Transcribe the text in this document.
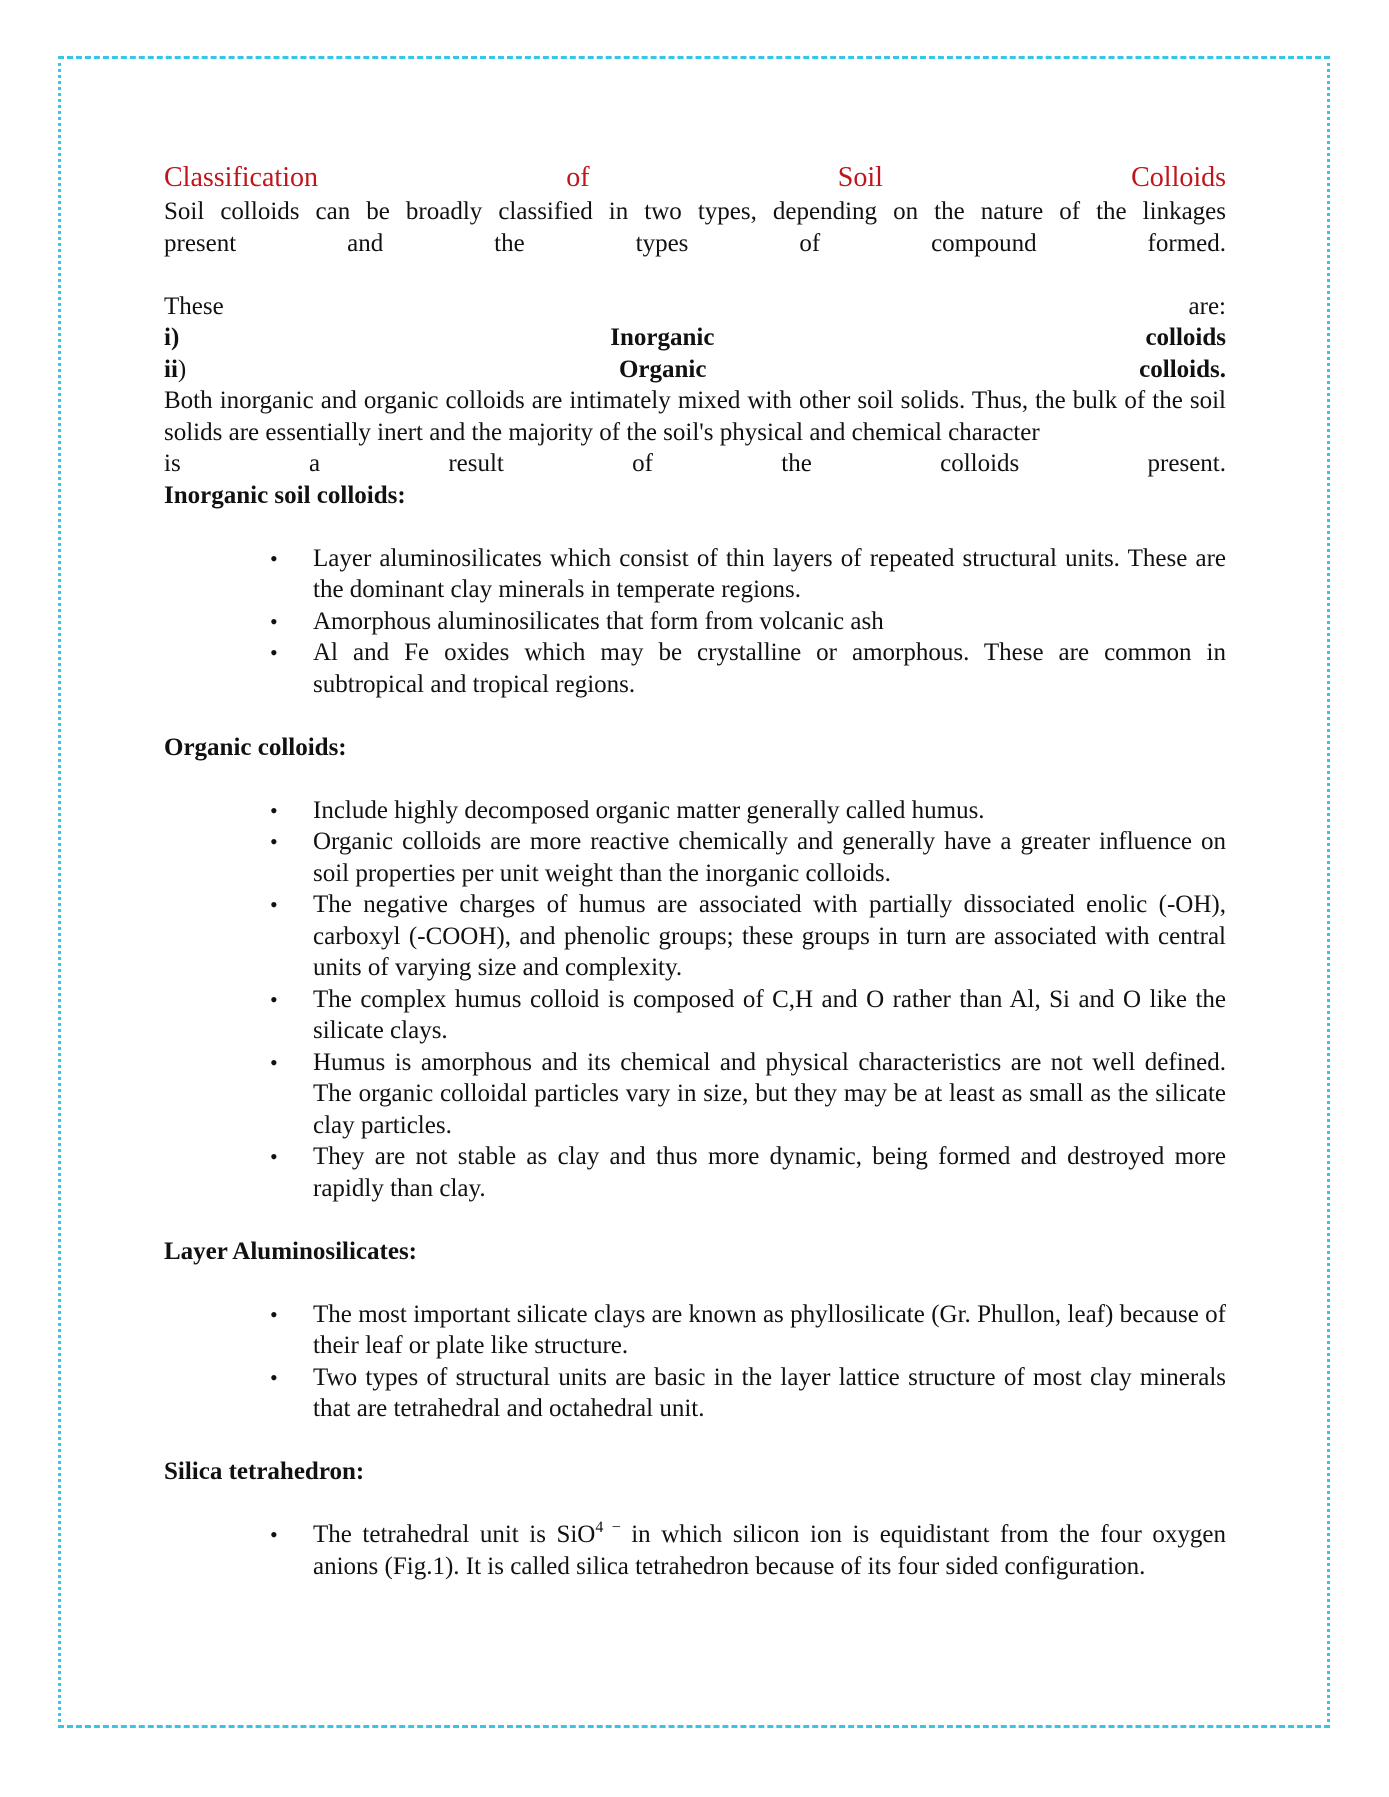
Classification	of	Soil	Colloids
Soil colloids can be broadly classified in two types, depending on the nature of the linkages
present and the types of compound formed.
These	are:
i)	Inorganic	colloids
ii)	Organic	colloids.
Both inorganic and organic colloids are intimately mixed with other soil solids. Thus, the bulk of the soil solids are essentially inert and the majority of the soil's physical and chemical character
is a result of the colloids present.
Inorganic soil colloids:
• Layer aluminosilicates which consist of thin layers of repeated structural units. These are the dominant clay minerals in temperate regions.
• Amorphous aluminosilicates that form from volcanic ash
• Al and Fe oxides which may be crystalline or amorphous. These are common in subtropical and tropical regions.
Organic colloids:
• Include highly decomposed organic matter generally called humus.
• Organic colloids are more reactive chemically and generally have a greater influence on soil properties per unit weight than the inorganic colloids.
• The negative charges of humus are associated with partially dissociated enolic (-OH), carboxyl (-COOH), and phenolic groups; these groups in turn are associated with central units of varying size and complexity.
• The complex humus colloid is composed of C,H and O rather than Al, Si and O like the silicate clays.
• Humus is amorphous and its chemical and physical characteristics are not well defined. The organic colloidal particles vary in size, but they may be at least as small as the silicate clay particles.
• They are not stable as clay and thus more dynamic, being formed and destroyed more rapidly than clay.
Layer Aluminosilicates:
• The most important silicate clays are known as phyllosilicate (Gr. Phullon, leaf) because of their leaf or plate like structure.
• Two types of structural units are basic in the layer lattice structure of most clay minerals that are tetrahedral and octahedral unit.
Silica tetrahedron:
• The tetrahedral unit is SiO$^{4 -}$ in which silicon ion is equidistant from the four oxygen anions (Fig.1). It is called silica tetrahedron because of its four sided configuration.
